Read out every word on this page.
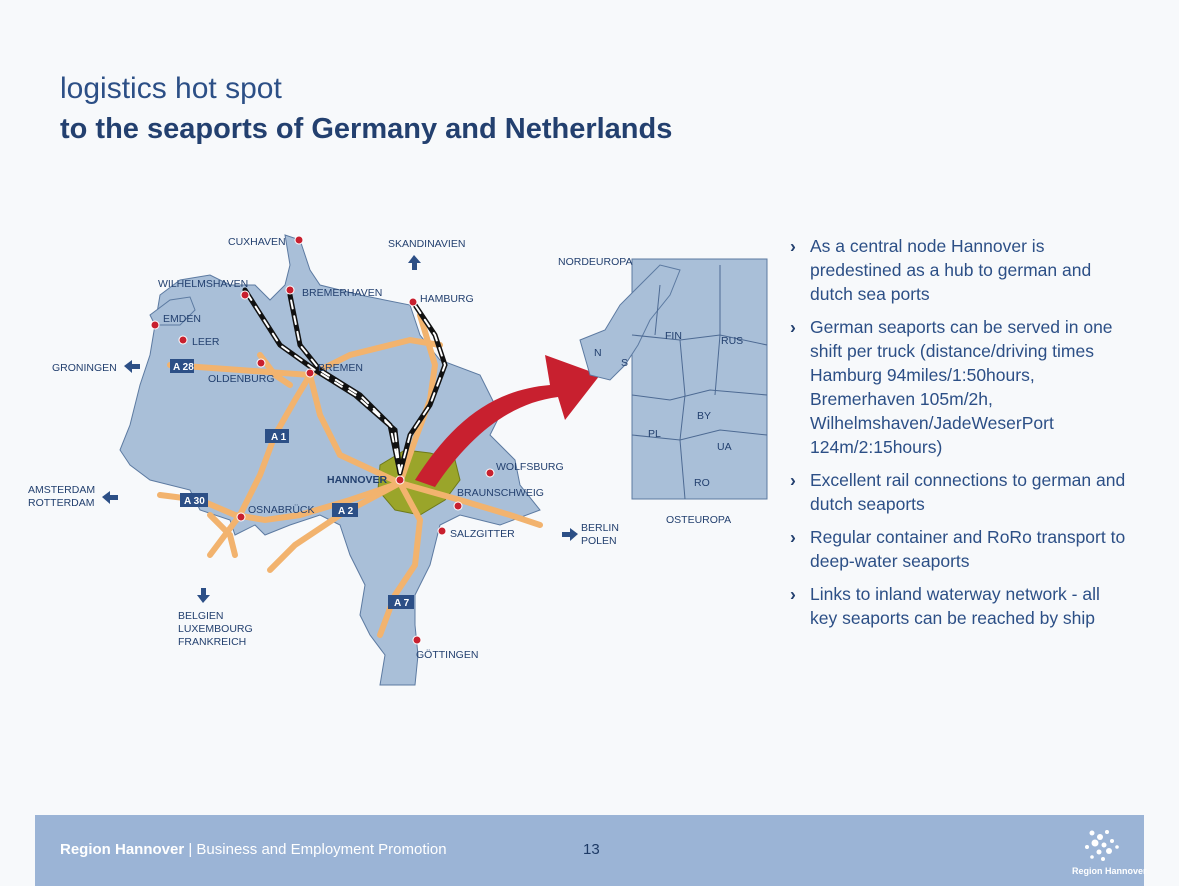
logistics hot spot
to the seaports of Germany and Netherlands
CUXHAVEN
WILHELMSHAVEN
BREMERHAVEN	HAMBURG
EMDEN
LEER
OLDENBURG
BREMEN
HANNOVER
WOLFSBURG
BRAUNSCHWEIG
SALZGITTER
OSNABRÜCK
GÖTTINGEN
A 28
A 1
A 30
A 2
A 7
SKANDINAVIEN
GRONINGEN
AMSTERDAM
ROTTERDAM
BERLIN
POLEN
BELGIEN
LUXEMBOURG
FRANKREICH
NORDEUROPA
OSTEUROPA
N
S
FIN	RUS
PL
BY
UA
RO
› As a central node Hannover is predestined as a hub to german and dutch sea ports
› German seaports can be served in one shift per truck (distance/driving times Hamburg 94miles/1:50hours, Bremerhaven 105m/2h, Wilhelmshaven/JadeWeserPort 124m/2:15hours)
› Excellent rail connections to german and dutch seaports
› Regular container and RoRo transport to deep-water seaports
› Links to inland waterway network - all key seaports can be reached by ship
Region Hannover | Business and Employment Promotion	13
Region Hannover
